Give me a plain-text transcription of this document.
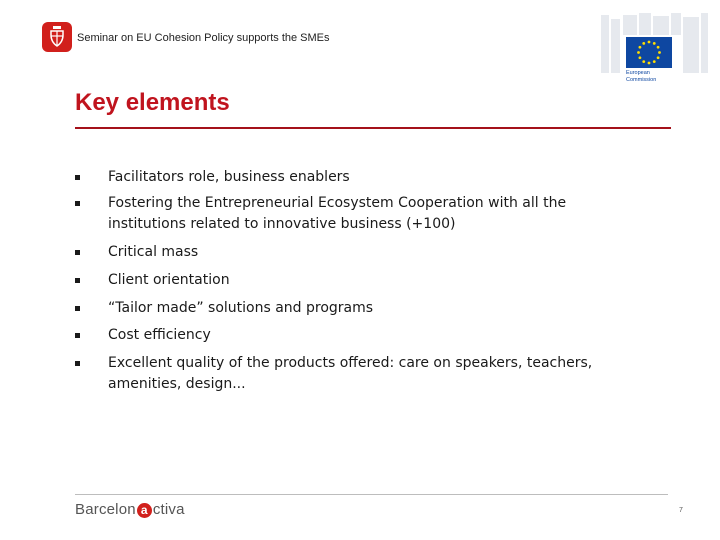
Seminar on EU Cohesion Policy supports the SMEs
European
Commission
Key elements
Facilitators role, business enablers
Fostering the Entrepreneurial Ecosystem Cooperation with all the institutions related to innovative business (+100)
Critical mass
Client orientation
“Tailor made” solutions and programs
Cost efficiency
Excellent quality of the products offered: care on speakers, teachers, amenities, design...
Barcelon a ctiva	7
